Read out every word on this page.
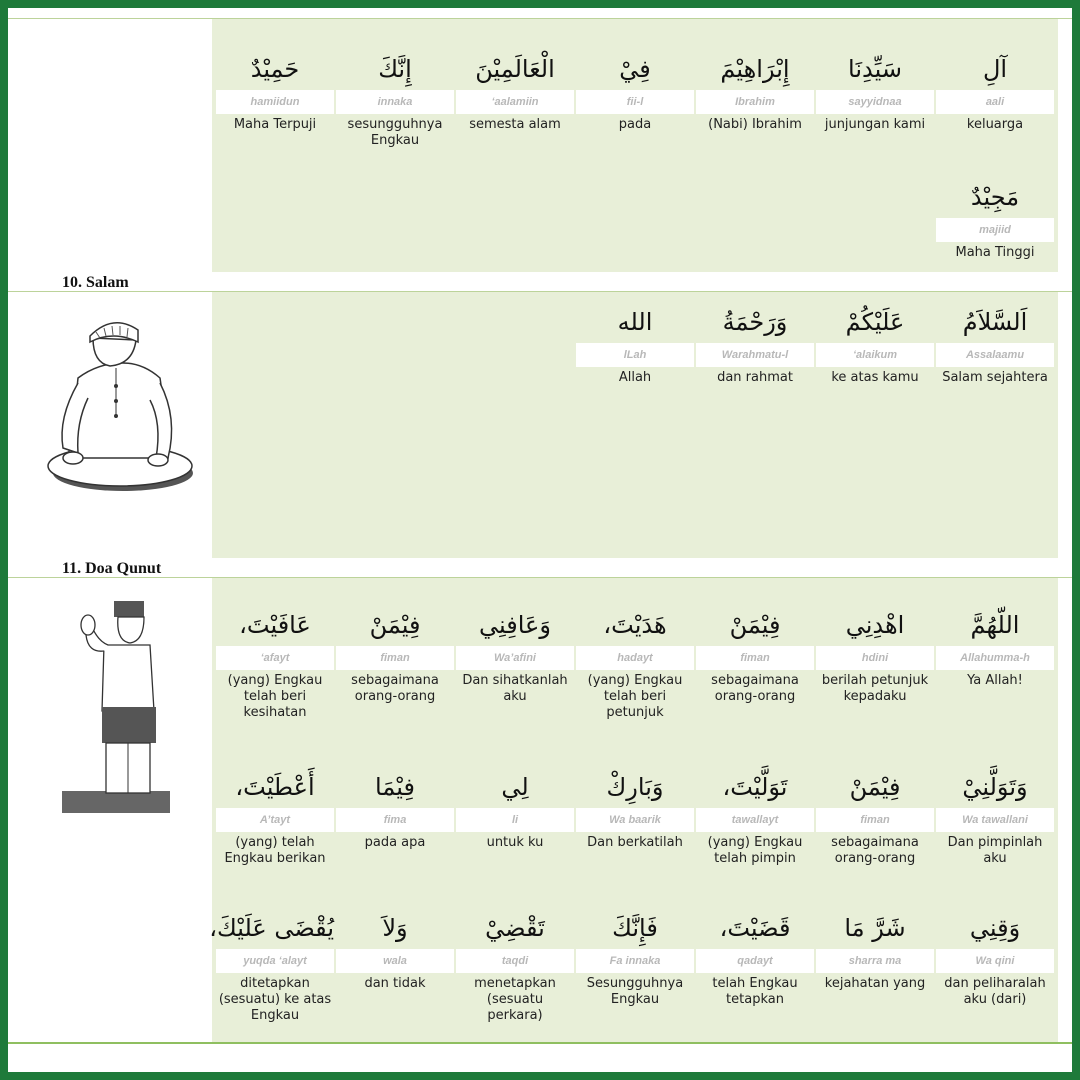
10. Salam
11. Doa Qunut
آلِ
aali
keluarga
سَيِّدِنَا
sayyidnaa
junjungan kami
إِبْرَاهِيْمَ
Ibrahim
(Nabi) Ibrahim
فِيْ
fii-l
pada
الْعَالَمِيْنَ
‘aalamiin
semesta alam
إِنَّكَ
innaka
sesungguhnya Engkau
حَمِيْدٌ
hamiidun
Maha Terpuji
مَجِيْدٌ
majiid
Maha Tinggi
اَلسَّلاَمُ
Assalaamu
Salam sejahtera
عَلَيْكُمْ
‘alaikum
ke atas kamu
وَرَحْمَةُ
Warahmatu-l
dan rahmat
الله
lLah
Allah
اللّهُمَّ
Allahumma-h
Ya Allah!
اهْدِنِي
hdini
berilah petunjuk kepadaku
فِيْمَنْ
fiman
sebagaimana orang-orang
هَدَيْتَ،
hadayt
(yang) Engkau telah beri petunjuk
وَعَافِنِي
Wa’afini
Dan sihatkanlah aku
فِيْمَنْ
fiman
sebagaimana orang-orang
عَافَيْتَ،
‘afayt
(yang) Engkau telah beri kesihatan
وَتَوَلَّنِيْ
Wa tawallani
Dan pimpinlah aku
فِيْمَنْ
fiman
sebagaimana orang-orang
تَوَلَّيْتَ،
tawallayt
(yang) Engkau telah pimpin
وَبَارِكْ
Wa baarik
Dan berkatilah
لِي
li
untuk ku
فِيْمَا
fima
pada apa
أَعْطَيْتَ،
A’tayt
(yang) telah Engkau berikan
وَقِنِي
Wa qini
dan peliharalah aku (dari)
شَرَّ مَا
sharra ma
kejahatan yang
قَضَيْتَ،
qadayt
telah Engkau tetapkan
فَإِنَّكَ
Fa innaka
Sesungguhnya Engkau
تَقْضِيْ
taqdi
menetapkan (sesuatu perkara)
وَلاَ
wala
dan tidak
يُقْضَى عَلَيْكَ،
yuqda ‘alayt
ditetapkan (sesuatu) ke atas Engkau
